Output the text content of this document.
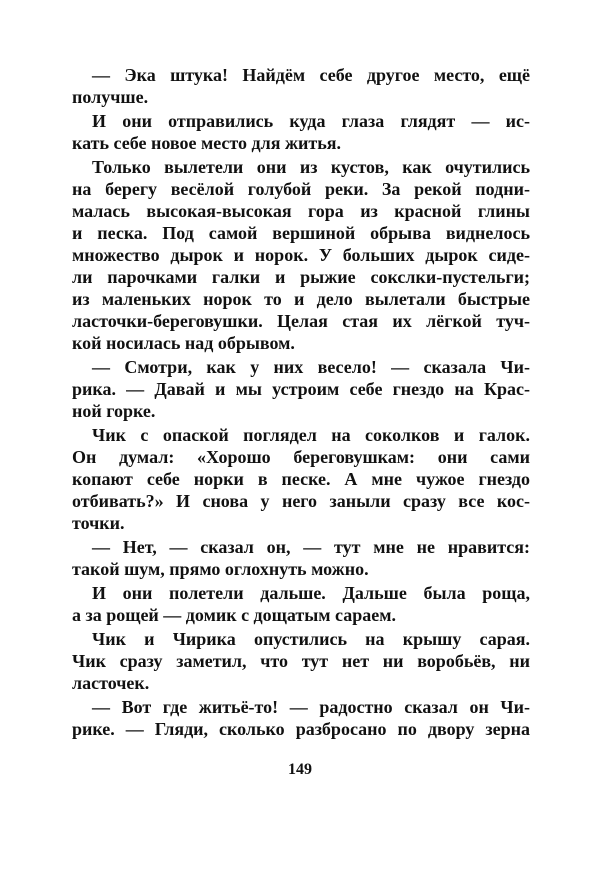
— Эка штука! Найдём себе другое место, ещё
получше.
И они отправились куда глаза глядят — ис-
кать себе новое место для житья.
Только вылетели они из кустов, как очутились
на берегу весёлой голубой реки. За рекой подни-
малась высокая-высокая гора из красной глины
и песка. Под самой вершиной обрыва виднелось
множество дырок и норок. У больших дырок сиде-
ли парочками галки и рыжие сокслки-пустельги;
из маленьких норок то и дело вылетали быстрые
ласточки-береговушки. Целая стая их лёгкой туч-
кой носилась над обрывом.
— Смотри, как у них весело! — сказала Чи-
рика. — Давай и мы устроим себе гнездо на Крас-
ной горке.
Чик с опаской поглядел на соколков и галок.
Он думал: «Хорошо береговушкам: они сами
копают себе норки в песке. А мне чужое гнездо
отбивать?» И снова у него заныли сразу все кос-
точки.
— Нет, — сказал он, — тут мне не нравится:
такой шум, прямо оглохнуть можно.
И они полетели дальше. Дальше была роща,
а за рощей — домик с дощатым сараем.
Чик и Чирика опустились на крышу сарая.
Чик сразу заметил, что тут нет ни воробьёв, ни
ласточек.
— Вот где житьё-то! — радостно сказал он Чи-
рике. — Гляди, сколько разбросано по двору зерна
149
